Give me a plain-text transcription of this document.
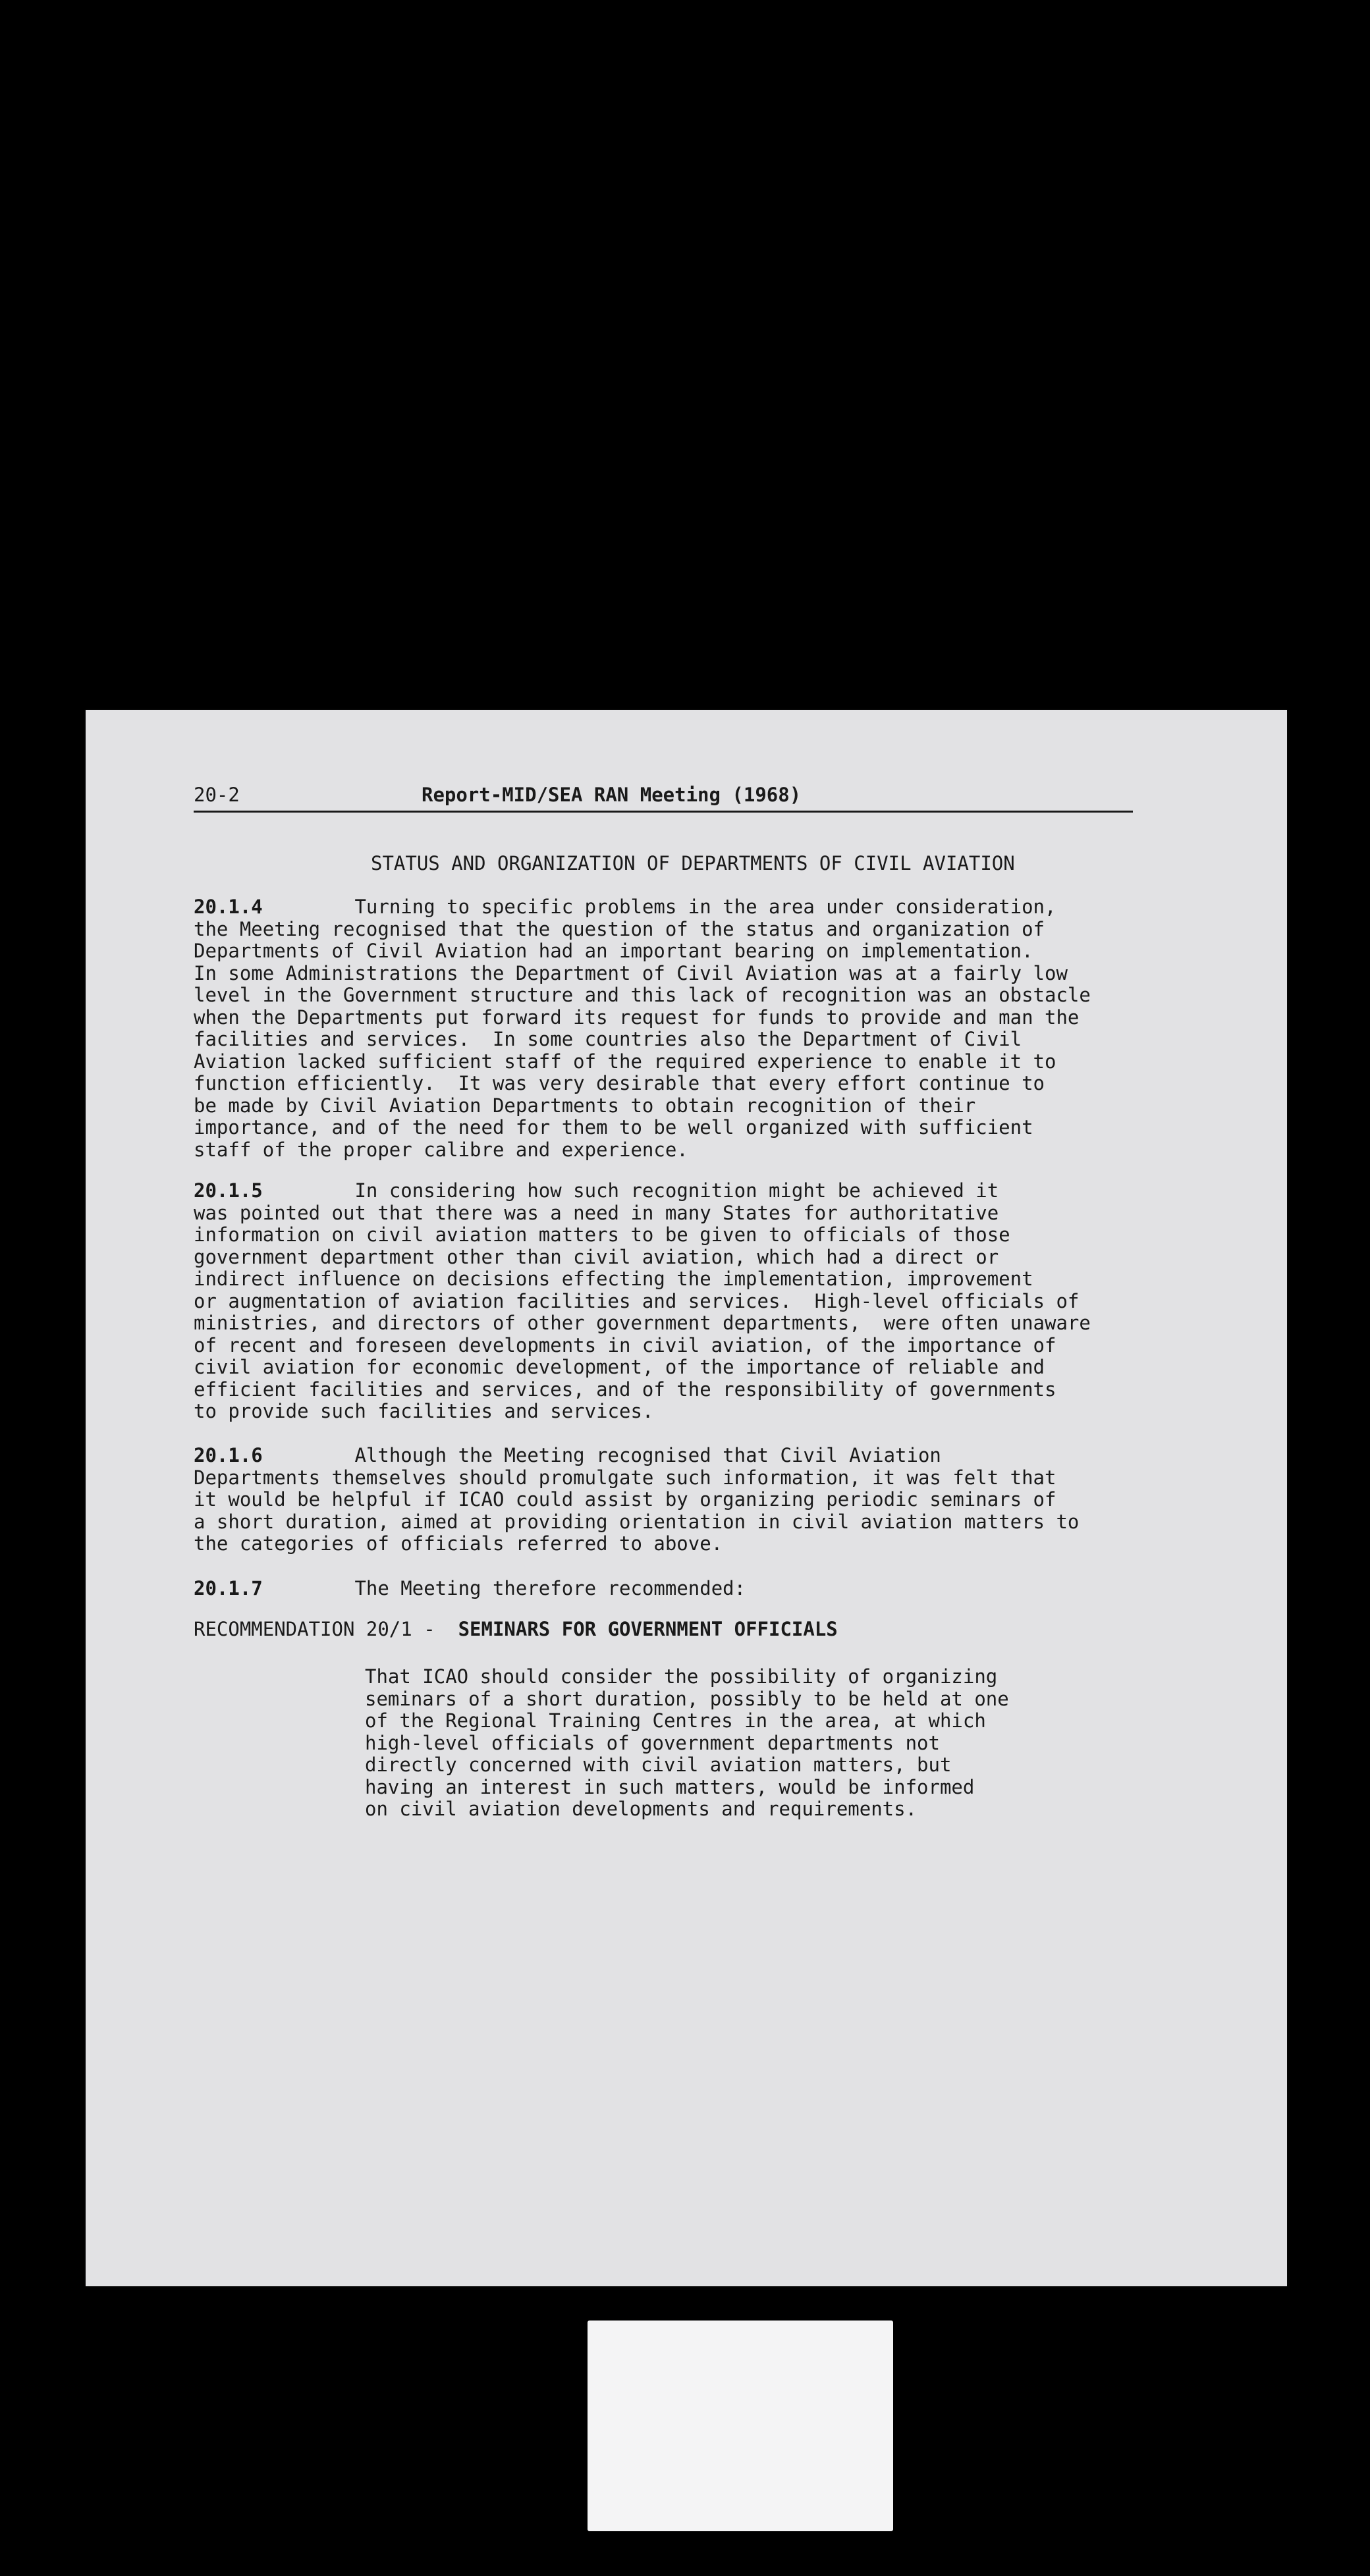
20-2

	Report-MID/SEA RAN Meeting (1968)

STATUS AND ORGANIZATION OF DEPARTMENTS OF CIVIL AVIATION

20.1.4	Turning to specific problems in the area under consideration,
the Meeting recognised that the question of the status and organization of
Departments of Civil Aviation had an important bearing on implementation.
In some Administrations the Department of Civil Aviation was at a fairly low
level in the Government structure and this lack of recognition was an obstacle
when the Departments put forward its request for funds to provide and man the
facilities and services.  In some countries also the Department of Civil
Aviation lacked sufficient staff of the required experience to enable it to
function efficiently.  It was very desirable that every effort continue to
be made by Civil Aviation Departments to obtain recognition of their
importance, and of the need for them to be well organized with sufficient
staff of the proper calibre and experience.

20.1.5	In considering how such recognition might be achieved it
was pointed out that there was a need in many States for authoritative
information on civil aviation matters to be given to officials of those
government department other than civil aviation, which had a direct or
indirect influence on decisions effecting the implementation, improvement
or augmentation of aviation facilities and services.  High-level officials of
ministries, and directors of other government departments,  were often unaware
of recent and foreseen developments in civil aviation, of the importance of
civil aviation for economic development, of the importance of reliable and
efficient facilities and services, and of the responsibility of governments
to provide such facilities and services.

20.1.6	Although the Meeting recognised that Civil Aviation
Departments themselves should promulgate such information, it was felt that
it would be helpful if ICAO could assist by organizing periodic seminars of
a short duration, aimed at providing orientation in civil aviation matters to
the categories of officials referred to above.

20.1.7	The Meeting therefore recommended:

RECOMMENDATION 20/1 - SEMINARS FOR GOVERNMENT OFFICIALS

That ICAO should consider the possibility of organizing
seminars of a short duration, possibly to be held at one
of the Regional Training Centres in the area, at which
high-level officials of government departments not
directly concerned with civil aviation matters, but
having an interest in such matters, would be informed
on civil aviation developments and requirements.
